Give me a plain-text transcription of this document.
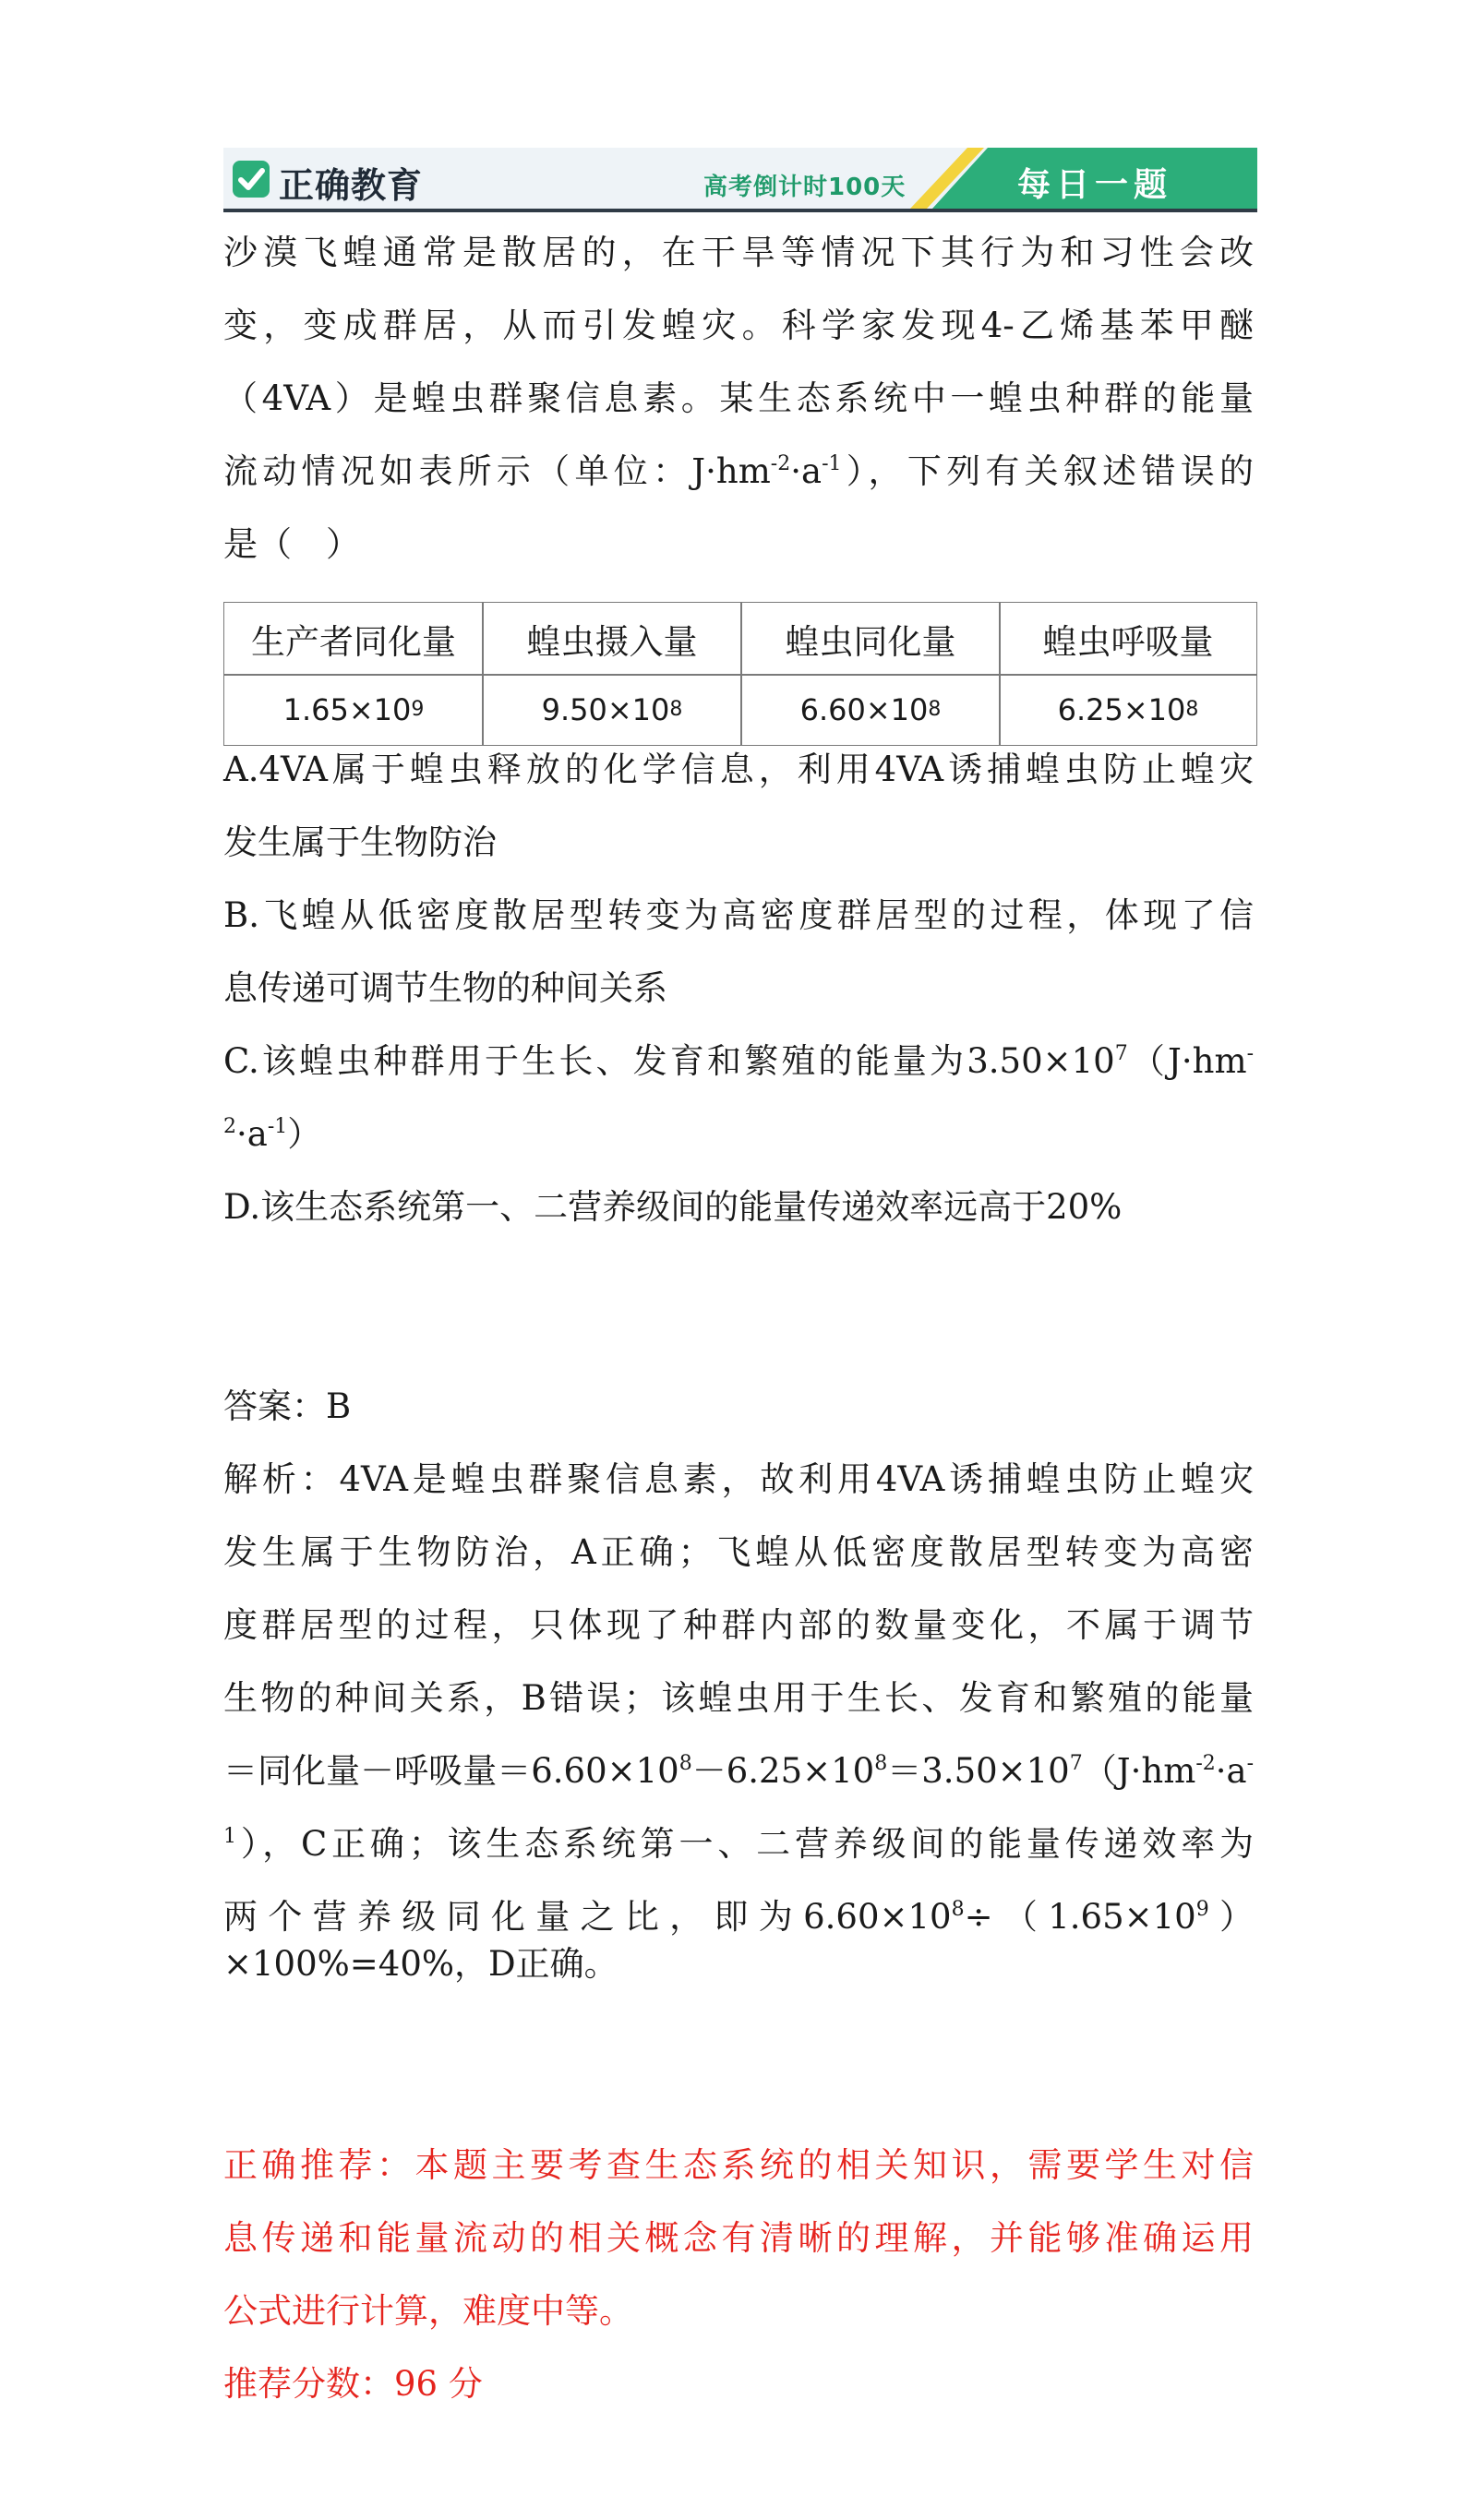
正确教育	高考倒计时100天	每日一题
沙漠飞蝗通常是散居的，在干旱等情况下其行为和习性会改
变，变成群居，从而引发蝗灾。科学家发现4-乙烯基苯甲醚
（4VA）是蝗虫群聚信息素。某生态系统中一蝗虫种群的能量
流动情况如表所示（单位：$J\cdot hm^{-2}\cdot a^{-1}$），下列有关叙述错误的
是（　）
生产者同化量	蝗虫摄入量	蝗虫同化量	蝗虫呼吸量
1.65×10 9	9.50×10 8	6.60×10 8	6.25×10 8
A.4VA属于蝗虫释放的化学信息，利用4VA诱捕蝗虫防止蝗灾
发生属于生物防治
B.飞蝗从低密度散居型转变为高密度群居型的过程，体现了信
息传递可调节生物的种间关系
C.该蝗虫种群用于生长、发育和繁殖的能量为$3.50\times 10^7(J\cdot hm^-$
$^2\cdot a^{-1}$）
D.该生态系统第一、二营养级间的能量传递效率远高于20%
答案：B
解析：4VA是蝗虫群聚信息素，故利用4VA诱捕蝗虫防止蝗灾
发生属于生物防治，A正确；飞蝗从低密度散居型转变为高密
度群居型的过程，只体现了种群内部的数量变化，不属于调节
生物的种间关系，B错误；该蝗虫用于生长、发育和繁殖的能量
＝同化量－呼吸量$=6.60\times 10^8-6.25\times 10^8=3.50\times 10^7(J\cdot hm^{-2}\cdot a^-$
$^1$），C正确；该生态系统第一、二营养级间的能量传递效率为
两个营养级同化量之比，即为$6.60\times 10^8\div(1.65\times 10^9)$
×100%=40%，D正确。
正确推荐：本题主要考查生态系统的相关知识，需要学生对信
息传递和能量流动的相关概念有清晰的理解，并能够准确运用
公式进行计算，难度中等。
推荐分数：96 分
